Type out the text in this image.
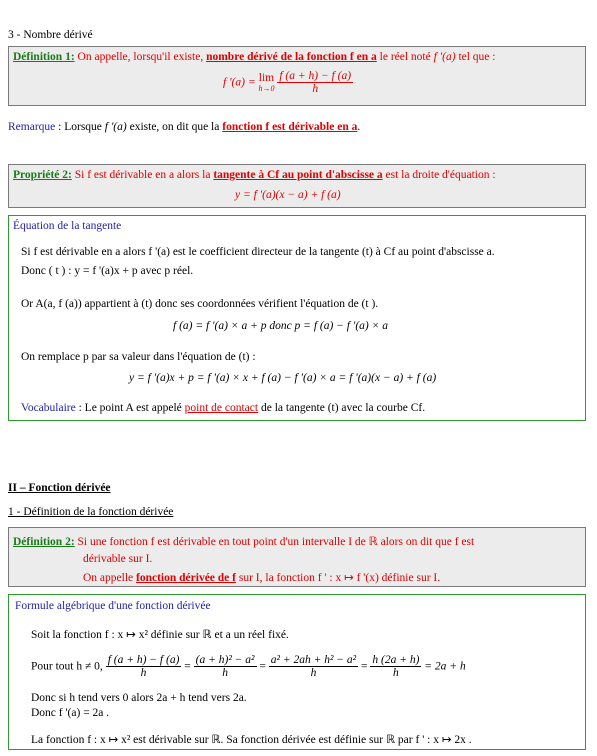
3 - Nombre dérivé
Définition 1: On appelle, lorsqu'il existe, nombre dérivé de la fonction f en a le réel noté f '(a) tel que :
f '(a) = lim
h→0
$\frac{f (a + h) - f (a)}{h}$
Remarque : Lorsque f '(a) existe, on dit que la fonction f est dérivable en a.
Propriété 2: Si f est dérivable en a alors la tangente à Cf au point d'abscisse a est la droite d'équation :
y = f '(a)(x − a) + f (a)
Équation de la tangente
Si f est dérivable en a alors f '(a) est le coefficient directeur de la tangente (t) à Cf au point d'abscisse a.
Donc ( t ) : y = f '(a)x + p avec p réel.
Or A(a, f (a)) appartient à (t) donc ses coordonnées vérifient l'équation de (t ).
f (a) = f '(a) × a + p donc p = f (a) − f '(a) × a
On remplace p par sa valeur dans l'équation de (t) :
y = f '(a)x + p = f '(a) × x + f (a) − f '(a) × a = f '(a)(x − a) + f (a)
Vocabulaire : Le point A est appelé point de contact de la tangente (t) avec la courbe Cf.
II – Fonction dérivée
1 - Définition de la fonction dérivée
Définition 2: Si une fonction f est dérivable en tout point d'un intervalle I de ℝ alors on dit que f est
dérivable sur I.
On appelle fonction dérivée de f sur I, la fonction f ' : x ↦ f '(x) définie sur I.
Formule algébrique d'une fonction dérivée
Soit la fonction f : x ↦ x² définie sur ℝ et a un réel fixé.
Pour tout h ≠ 0, $\frac{f (a + h) - f (a)}{h} = \frac{\text{(a + h)² − a²}}{h} = \frac{\text{a² + 2ah + h² − a²}}{h} = \frac{h (2a + h)}{h} = 2a + h$
Donc si h tend vers 0 alors 2a + h tend vers 2a.
Donc f '(a) = 2a .
La fonction f : x ↦ x² est dérivable sur ℝ. Sa fonction dérivée est définie sur ℝ par f ' : x ↦ 2x .
